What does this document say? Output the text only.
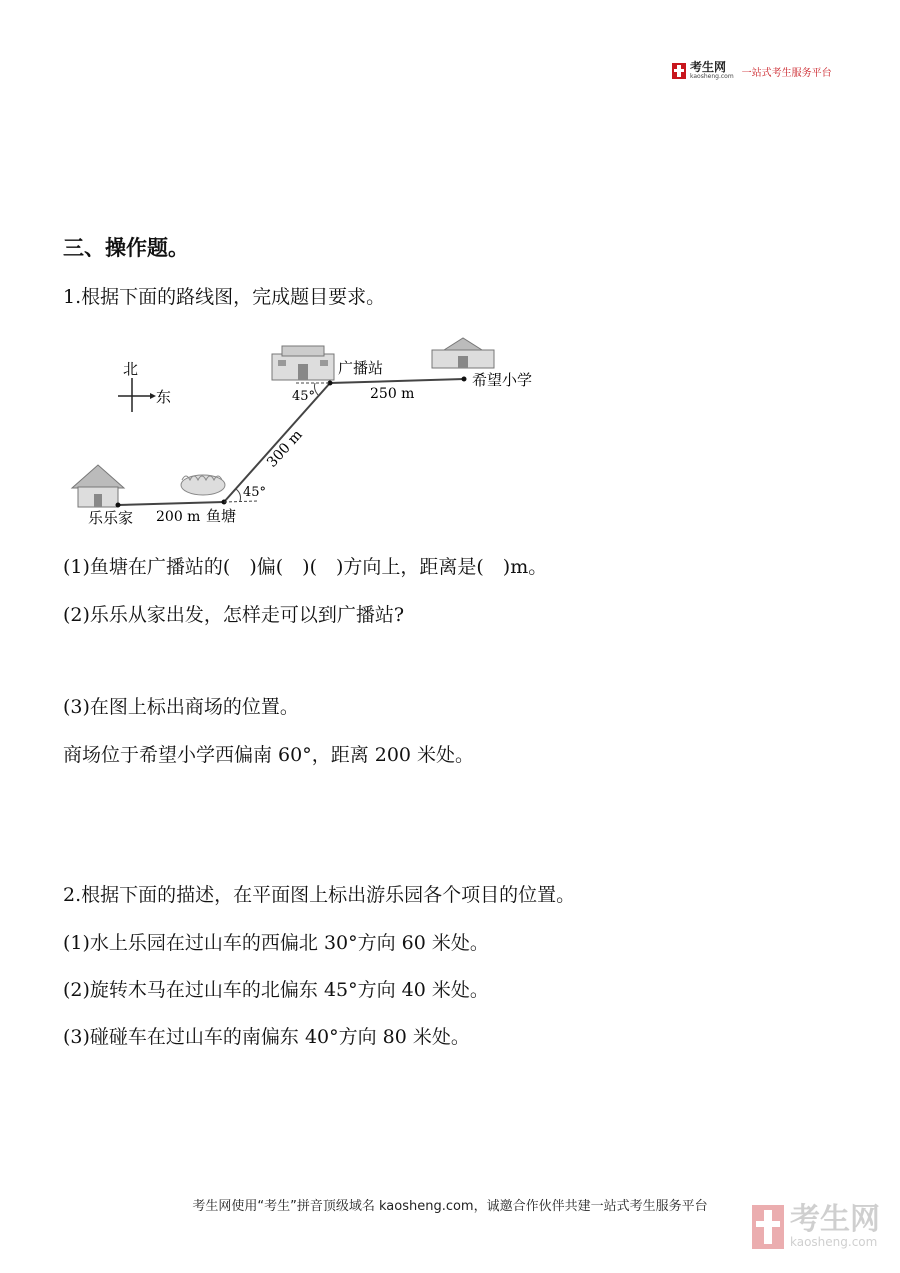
考生网
kaosheng.com 一站式考生服务平台
三、操作题。
1.根据下面的路线图，完成题目要求。
北
东
广播站
希望小学
乐乐家	鱼塘
200 m
250 m
300 m
45°
45°
(1)鱼塘在广播站的(　)偏(　)(　)方向上，距离是(　)m。
(2)乐乐从家出发，怎样走可以到广播站?
(3)在图上标出商场的位置。
商场位于希望小学西偏南 60°，距离 200 米处。
2.根据下面的描述，在平面图上标出游乐园各个项目的位置。
(1)水上乐园在过山车的西偏北 30°方向 60 米处。
(2)旋转木马在过山车的北偏东 45°方向 40 米处。
(3)碰碰车在过山车的南偏东 40°方向 80 米处。
考生网使用“考生”拼音顶级域名 kaosheng.com，诚邀合作伙伴共建一站式考生服务平台	考生网
kaosheng.com
